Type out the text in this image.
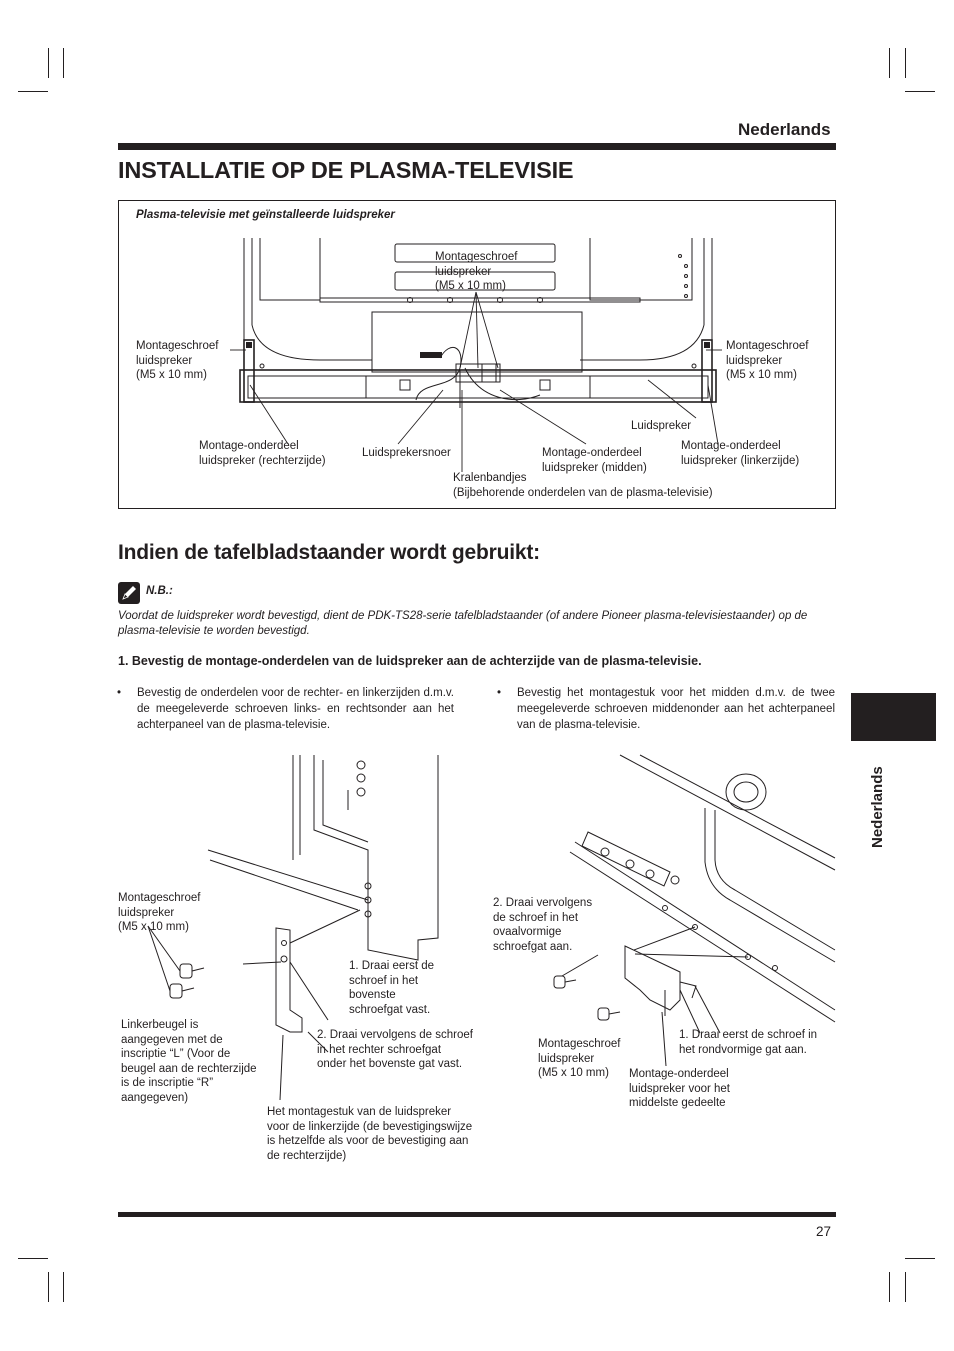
Nederlands
INSTALLATIE OP DE PLASMA-TELEVISIE
Plasma-televisie met geïnstalleerde luidspreker
Montageschroef
luidspreker
(M5 x 10 mm)
Montageschroef
luidspreker
(M5 x 10 mm)
Montageschroef
luidspreker
(M5 x 10 mm)
Luidspreker
Montage-onderdeel
luidspreker (rechterzijde)
Luidsprekersnoer	Montage-onderdeel
luidspreker (midden)
Montage-onderdeel
luidspreker (linkerzijde)
Kralenbandjes
(Bijbehorende onderdelen van de plasma-televisie)
Indien de tafelbladstaander wordt gebruikt:
N.B.:
Voordat de luidspreker wordt bevestigd, dient de PDK-TS28-serie tafelbladstaander (of andere Pioneer plasma-televisiestaander) op de plasma-televisie te worden bevestigd.
1. Bevestig de montage-onderdelen van de luidspreker aan de achterzijde van de plasma-televisie.
• Bevestig de onderdelen voor de rechter- en linkerzijden d.m.v. de meegeleverde schroeven links- en rechtsonder aan het achterpaneel van de plasma-televisie.
• Bevestig het montagestuk voor het midden d.m.v. de twee meegeleverde schroeven middenonder aan het achterpaneel van de plasma-televisie.
Nederlands
Montageschroef
luidspreker
(M5 x 10 mm)
Linkerbeugel is
aangegeven met de
inscriptie “L” (Voor de
beugel aan de rechterzijde
is de inscriptie “R”
aangegeven)
1. Draai eerst de
schroef in het
bovenste
schroefgat vast.
2. Draai vervolgens de schroef
in het rechter schroefgat
onder het bovenste gat vast.
Het montagestuk van de luidspreker
voor de linkerzijde (de bevestigingswijze
is hetzelfde als voor de bevestiging aan
de rechterzijde)
2. Draai vervolgens
de schroef in het
ovaalvormige
schroefgat aan.
1. Draai eerst de schroef in
het rondvormige gat aan.
Montageschroef
luidspreker
(M5 x 10 mm)	Montage-onderdeel
luidspreker voor het
middelste gedeelte
27
